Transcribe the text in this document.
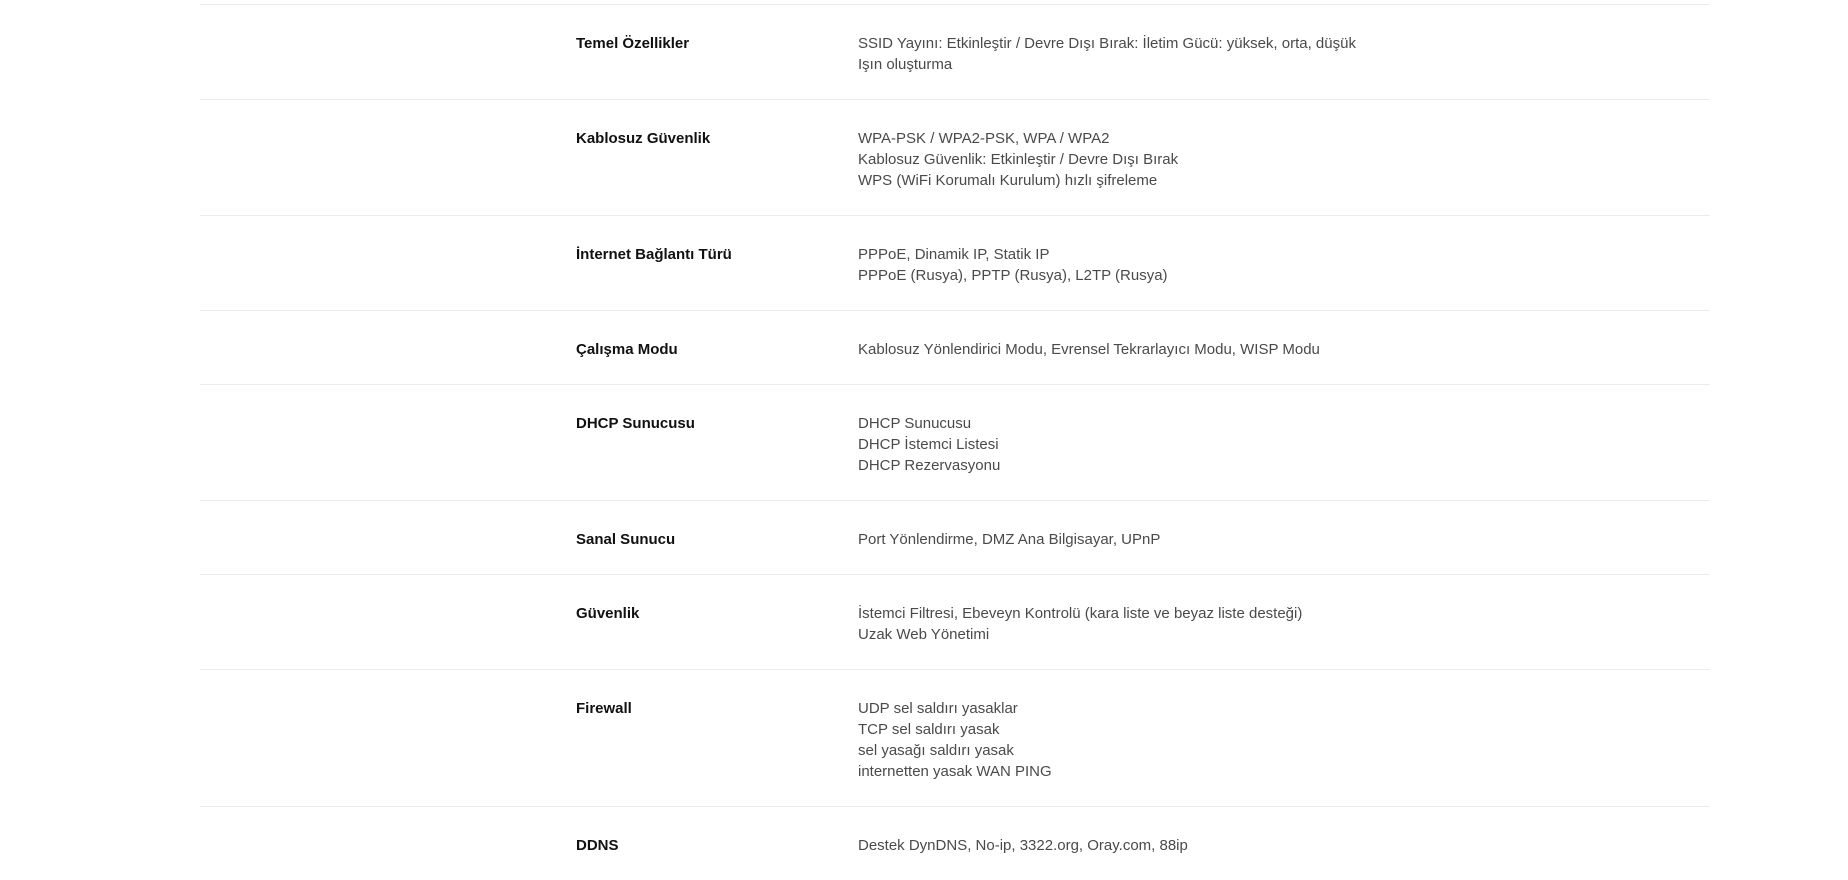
Temel Özellikler	SSID Yayını: Etkinleştir / Devre Dışı Bırak: İletim Gücü: yüksek, orta, düşük
Işın oluşturma
Kablosuz Güvenlik	WPA-PSK / WPA2-PSK, WPA / WPA2
Kablosuz Güvenlik: Etkinleştir / Devre Dışı Bırak
WPS (WiFi Korumalı Kurulum) hızlı şifreleme
İnternet Bağlantı Türü	PPPoE, Dinamik IP, Statik IP
PPPoE (Rusya), PPTP (Rusya), L2TP (Rusya)
Çalışma Modu	Kablosuz Yönlendirici Modu, Evrensel Tekrarlayıcı Modu, WISP Modu
DHCP Sunucusu	DHCP Sunucusu
DHCP İstemci Listesi
DHCP Rezervasyonu
Sanal Sunucu	Port Yönlendirme, DMZ Ana Bilgisayar, UPnP
Güvenlik	İstemci Filtresi, Ebeveyn Kontrolü (kara liste ve beyaz liste desteği)
Uzak Web Yönetimi
Firewall	UDP sel saldırı yasaklar
TCP sel saldırı yasak
sel yasağı saldırı yasak
internetten yasak WAN PING
DDNS	Destek DynDNS, No-ip, 3322.org, Oray.com, 88ip
